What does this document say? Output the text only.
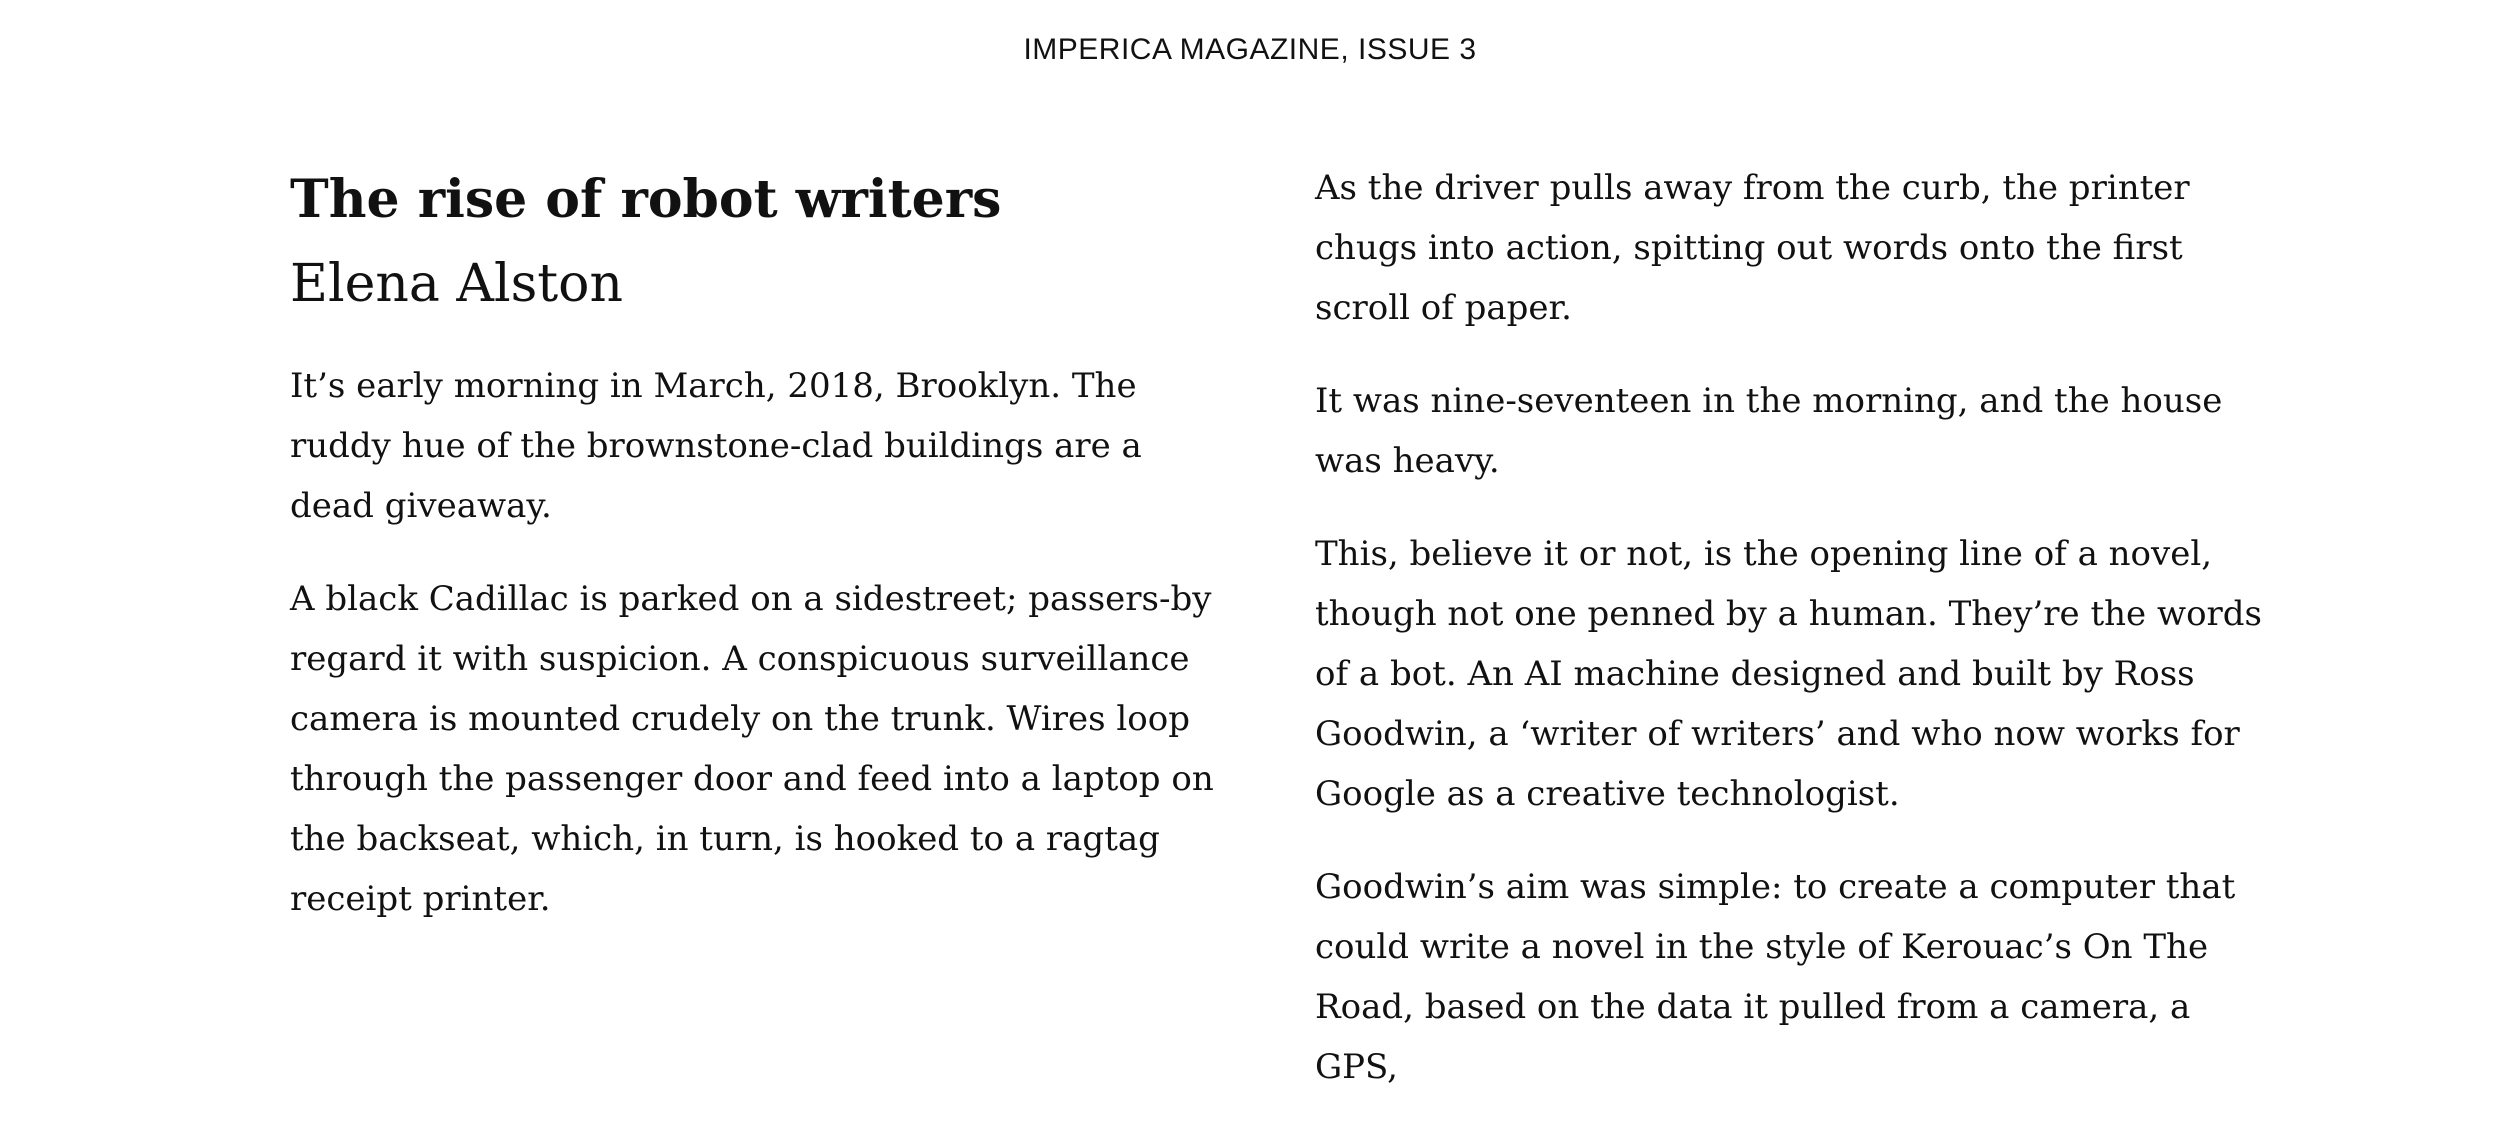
IMPERICA MAGAZINE, ISSUE 3
The rise of robot writers
Elena Alston

It’s early morning in March, 2018, Brooklyn. The ruddy hue of the brownstone-clad buildings are a dead giveaway.

A black Cadillac is parked on a sidestreet; passers-by regard it with suspicion. A conspicuous surveillance camera is mounted crudely on the trunk. Wires loop through the passenger door and feed into a laptop on the backseat, which, in turn, is hooked to a ragtag receipt printer.

As the driver pulls away from the curb, the printer chugs into action, spitting out words onto the first scroll of paper.

It was nine-seventeen in the morning, and the house was heavy.

This, believe it or not, is the opening line of a novel, though not one penned by a human. They’re the words of a bot. An AI machine designed and built by Ross Goodwin, a ‘writer of writers’ and who now works for Google as a creative technologist.

Goodwin’s aim was simple: to create a computer that could write a novel in the style of Kerouac’s On The Road, based on the data it pulled from a camera, a GPS,
